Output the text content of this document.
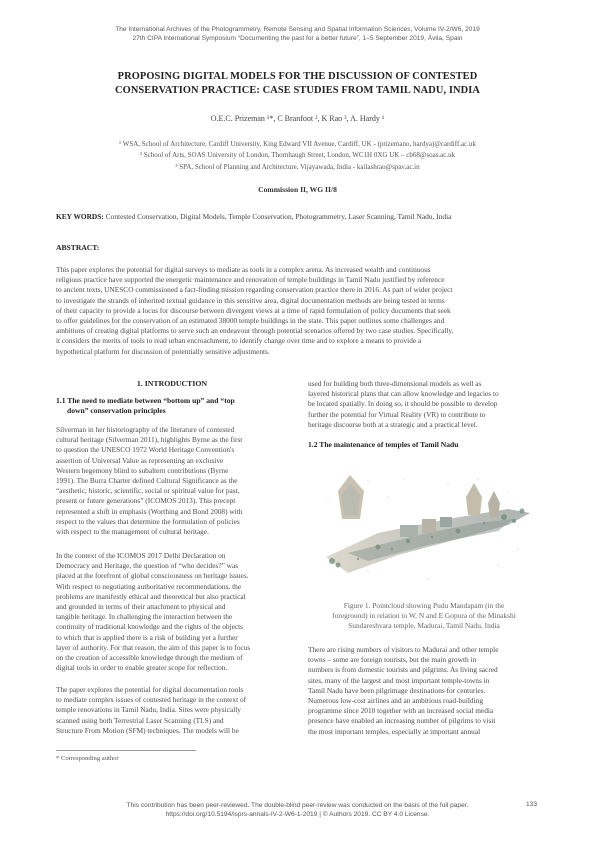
The International Archives of the Photogrammetry, Remote Sensing and Spatial Information Sciences, Volume IV-2/W6, 2019
27th CIPA International Symposium “Documenting the past for a better future”, 1–5 September 2019, Ávila, Spain
PROPOSING DIGITAL MODELS FOR THE DISCUSSION OF CONTESTED
CONSERVATION PRACTICE: CASE STUDIES FROM TAMIL NADU, INDIA
O.E.C. Prizeman ¹*, C Branfoot ², K Rao ³, A. Hardy ¹
¹ WSA, School of Architecture, Cardiff University, King Edward VII Avenue, Cardiff, UK - (prizemano, hardya)@cardiff.ac.uk
² School of Arts, SOAS University of London, Thornhaugh Street, London, WC1H 0XG UK – cb68@soas.ac.uk
³ SPA, School of Planning and Architecture, Vijayawada, India - kailashrao@spav.ac.in
Commission II, WG II/8
KEY WORDS: Contested Conservation, Digital Models, Temple Conservation, Photogrammetry, Laser Scanning, Tamil Nadu, India
ABSTRACT:
This paper explores the potential for digital surveys to mediate as tools in a complex arena. As increased wealth and continuous
religious practice have supported the energetic maintenance and renovation of temple buildings in Tamil Nadu justified by reference
to ancient texts, UNESCO commissioned a fact-finding mission regarding conservation practice there in 2016. As part of wider project
to investigate the strands of inherited textual guidance in this sensitive area, digital documentation methods are being tested in terms
of their capacity to provide a locus for discourse between divergent views at a time of rapid formulation of policy documents that seek
to offer guidelines for the conservation of an estimated 38000 temple buildings in the state. This paper outlines some challenges and
ambitions of creating digital platforms to serve such an endeavour through potential scenarios offered by two case studies. Specifically,
it considers the merits of tools to read urban encroachment, to identify change over time and to explore a means to provide a
hypothetical platform for discussion of potentially sensitive adjustments.
1. INTRODUCTION
1.1 The need to mediate between “bottom up” and “top
down” conservation principles
Silverman in her historiography of the literature of contested
cultural heritage (Silverman 2011), highlights Byrne as the first
to question the UNESCO 1972 World Heritage Convention's
assertion of Universal Value as representing an exclusive
Western hegemony blind to subaltern contributions (Byrne
1991). The Burra Charter defined Cultural Significance as the
“aesthetic, historic, scientific, social or spiritual value for past,
present or future generations” (ICOMOS 2013). This precept
represented a shift in emphasis (Worthing and Bond 2008) with
respect to the values that determine the formulation of policies
with respect to the management of cultural heritage.
In the context of the ICOMOS 2017 Delhi Declaration on
Democracy and Heritage, the question of “who decides?” was
placed at the forefront of global consciousness on heritage issues.
With respect to negotiating authoritative recommendations, the
problems are manifestly ethical and theoretical but also practical
and grounded in terms of their attachment to physical and
tangible heritage. In challenging the interaction between the
continuity of traditional knowledge and the rights of the objects
to which that is applied there is a risk of building yet a further
layer of authority. For that reason, the aim of this paper is to focus
on the creation of accessible knowledge through the medium of
digital tools in order to enable greater scope for reflection.
The paper explores the potential for digital documentation tools
to mediate complex issues of contested heritage in the context of
temple renovations in Tamil Nadu, India. Sites were physically
scanned using both Terrestrial Laser Scanning (TLS) and
Structure From Motion (SFM) techniques. The models will be
* Corresponding author
used for building both three-dimensional models as well as
layered historical plans that can allow knowledge and legacies to
be located spatially. In doing so, it should be possible to develop
further the potential for Virtual Reality (VR) to contribute to
heritage discourse both at a strategic and a practical level.
1.2 The maintenance of temples of Tamil Nadu
Figure 1. Pointcloud showing Pudu Mandapam (in the
foreground) in relation to W, N and E Gopura of the Minakshi
Sundareshvara temple, Madurai, Tamil Nadu, India
There are rising numbers of visitors to Madurai and other temple
towns – some are foreign tourists, but the main growth in
numbers is from domestic tourists and pilgrims. As living sacred
sites, many of the largest and most important temple-towns in
Tamil Nadu have been pilgrimage destinations for centuries.
Numerous low-cost airlines and an ambitious road-building
programme since 2010 together with an increased social media
presence have enabled an increasing number of pilgrims to visit
the most important temples, especially at important annual
This contribution has been peer-reviewed. The double-blind peer-review was conducted on the basis of the full paper.
https://doi.org/10.5194/isprs-annals-IV-2-W6-1-2019 | © Authors 2019. CC BY 4.0 License.
133
